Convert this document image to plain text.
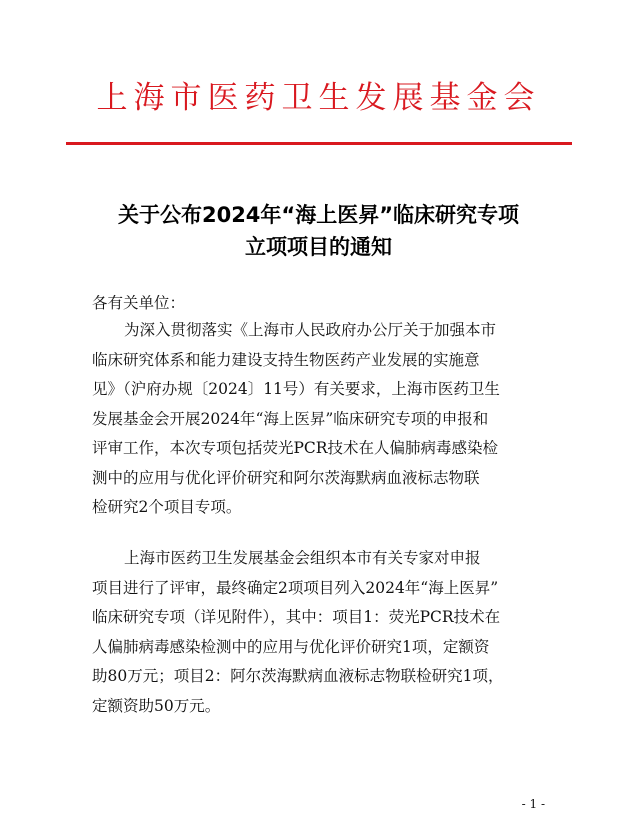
上海市医药卫生发展基金会
关于公布2024年“海上医昇”临床研究专项
立项项目的通知
各有关单位：
为深入贯彻落实《上海市人民政府办公厅关于加强本市
临床研究体系和能力建设支持生物医药产业发展的实施意
见》（沪府办规〔2024〕11号）有关要求，上海市医药卫生
发展基金会开展2024年“海上医昇”临床研究专项的申报和
评审工作，本次专项包括荧光PCR技术在人偏肺病毒感染检
测中的应用与优化评价研究和阿尔茨海默病血液标志物联
检研究2个项目专项。
上海市医药卫生发展基金会组织本市有关专家对申报
项目进行了评审，最终确定2项项目列入2024年“海上医昇”
临床研究专项（详见附件），其中：项目1：荧光PCR技术在
人偏肺病毒感染检测中的应用与优化评价研究1项，定额资
助80万元；项目2：阿尔茨海默病血液标志物联检研究1项，
定额资助50万元。
- 1 -
